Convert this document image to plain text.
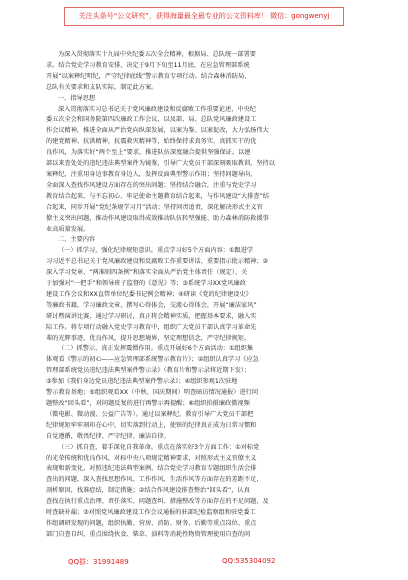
关注头条号“公文研究”，获得海量最全最专业的公文资料库！ 微信：gongwenyj

为深入贯彻落实十九届中央纪委五次全会精神，根据局、总队统一部署要

求，结合党史学习教育安排，决定于9月下旬至11月底，在应急管理部系统

开展“以案释纪明纪，严守纪律底线”警示教育专项行动。结合森林消防局、

总队有关要求和支队实际，制定此方案。

一、指导思想

深入贯彻落实习总书记关于党风廉政建设和反腐败工作重要论述、中央纪

委五次全会和国务院第四次廉政工作会议，以及部、局、总队党风廉政建设工

作会议精神，推进全面从严治党向纵深发展，以案为鉴、以案促改，大力弘扬伟大

的建党精神、抗洪精神，抗震救灾精神等，始终保持求真务实、真抓实干的优

良作风，为落实好“两个至上”要求，推进队伍深度融合提供坚强保证。以建

部以来查处处的违纪违法典型案件为镜鉴，引导广大党员干部深刻吸取教训，坚持以

案释纪，注重用身边事教育身边人，发挥反面典型警示作用；坚持问题导向，

全面深入查找作风建设方面存在的突出问题；坚持结合融合，注重与党史学习

教育结合起来，与不忘初心、牢记使命主题教育结合起来，与作风建设“大排查”结

合起来，同步开展“党纪条规学习月”活动；坚持问责追责，深化解决形式主义官

僚主义突出问题，推动作风建设取得成效推动队伍转型强能、助力森林消防救援事

业高质量发展。

二、主要内容

（一）抓学习，强化纪律规矩意识。重点学习好5个方面内容：①跟进学

习习近平总书记关于党风廉政建设和反腐败工作重要讲话、重要指示批示精神；②

深入学习党章、“两准则四条例”和落实全面从严治党主体责任（规定）、关

于加强对“一把手”和领导班子监督的《意见》等；③系统学习XX党风廉政

建设工作会议和XX直管单位纪委书记例会精神；④研读《党的纪律建设史》

等廉政书籍，学习廉政文章，撰写心得体会，交流心得体会，开展“廉洁家风”

研讨暨演讲比赛，通过学习研讨，真正将会精神实质，把握基本要求，融入实

际工作。将专项行动融入党史学习教育中，组织广大党员干部认真学习革命先

辈的光辉事迹，优良作风，提升思想境界，坚定理想信念，严守纪律规矩。

（二）抓警示，真正发挥震慑作用。重点开展好6个方面活动：①组织集

体观看《警示的初心——应急管理部系统警示教育片》；②组织认真学习《应急

管理部系统党员违纪违法典型案件警示录》（教育片和警示录将近期下发）；

③参加《我们身边党员违纪违法典型案件警示录》；④组织参观1次驻地

警示教育基地；⑤组织观看XX（中秋、国庆期间）明查暗访情况通报）进行问

题整改“回头看”，对问题反复的进行再警示再提醒；⑥组织拍摄廉政微视频

（微电影、微动漫、公益广告等）。通过以案释纪，教育引导广大党员干部把

纪律规矩牢牢刻印在心中，切实落到行动上，使铁的纪律真正成为日常习惯和

自觉遵循，敬畏纪律、严守纪律、廉洁自律。

（三）抓自查，着手深化自我革命。重点在落实好3个方面工作：①对标党

的光荣传统和优良作风，对标中央八项规定精神要求，对照形式主义官僚主义

表现和新变化，对照违纪违法典型案例，结合党史学习教育专题组织生活会排

查出的问题，深入查找思想作风、工作作风、生活作风等方面存在的差距不足，

剖析原因，找准症结，制定措施；②结合作风建设排查整治“回头看”，认真

查找在执行重点治理、责任落实、问题查纠、措施整改等方面存在的不足问题，及

时查缺补漏；③对照党风廉政建设工作会议通报的驻部纪检监察组和驻党委工

作组调研发现的问题，组织执勤、营房、消防、财务、后勤等重点岗位、重点

部门自查自纠，重点围绕伙食、柴草、油料等消耗性物资管理使用自查的问

QQ群：31991489	QQ:535304092
